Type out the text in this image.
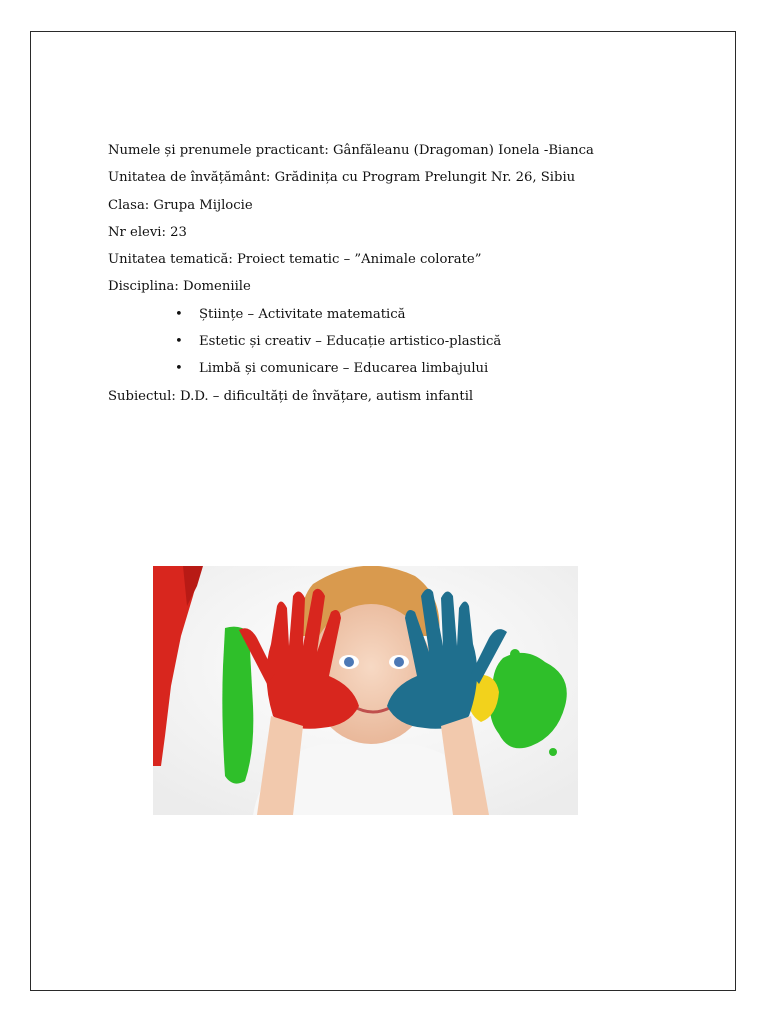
Numele și prenumele practicant: Gânfăleanu (Dragoman) Ionela -Bianca
Unitatea de învățământ: Grădinița cu Program Prelungit Nr. 26, Sibiu
Clasa: Grupa Mijlocie
Nr elevi: 23
Unitatea tematică: Proiect tematic – ”Animale colorate”
Disciplina: Domeniile
• Științe – Activitate matematică
• Estetic și creativ – Educație artistico-plastică
• Limbă și comunicare – Educarea limbajului
Subiectul: D.D. – dificultăți de învățare, autism infantil
